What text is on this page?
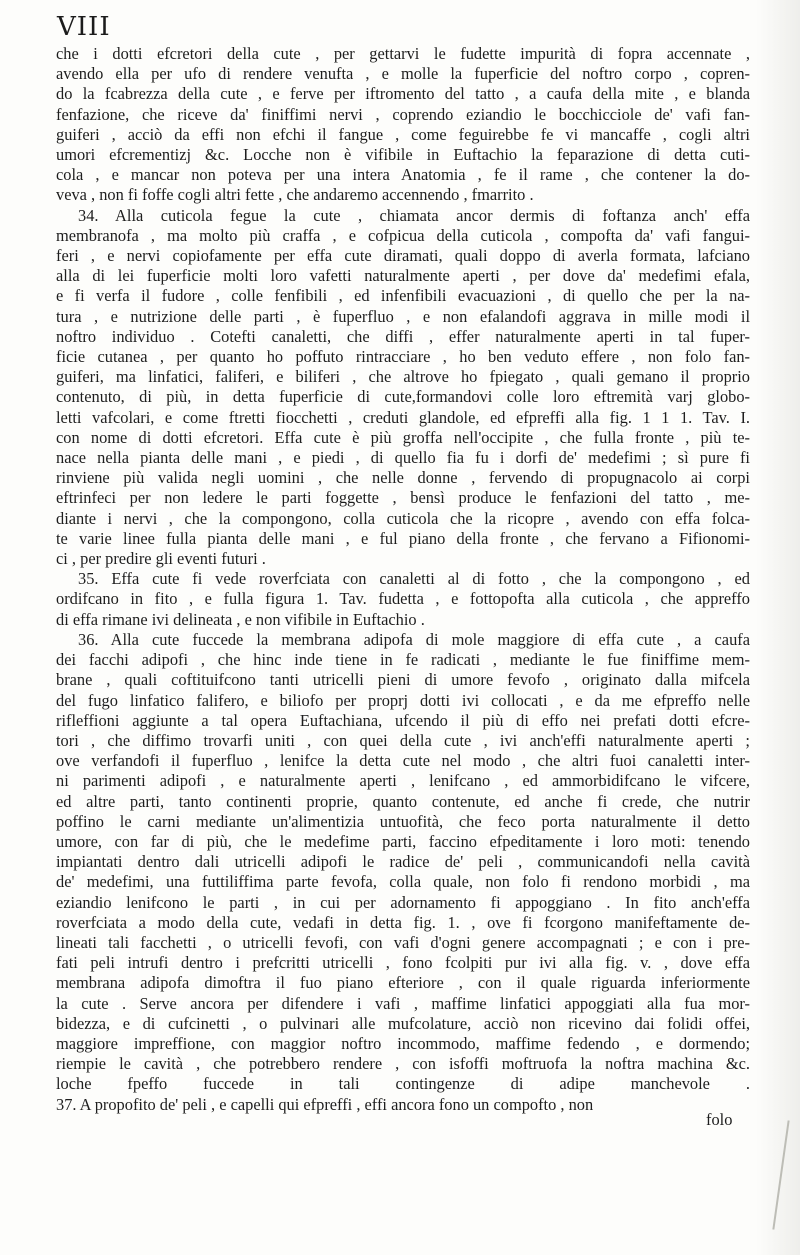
VIII
che i dotti efcretori della cute , per gettarvi le fudette impurità di fopra accennate ,
avendo ella per ufo di rendere venufta , e molle la fuperficie del noftro corpo , copren-
do la fcabrezza della cute , e ferve per iftromento del tatto , a caufa della mite , e blanda
fenfazione, che riceve da' finiffimi nervi , coprendo eziandio le bocchicciole de' vafi fan-
guiferi , acciò da effi non efchi il fangue , come feguirebbe fe vi mancaffe , cogli altri
umori efcrementizj &c. Locche non è vifibile in Euftachio la feparazione di detta cuti-
cola , e mancar non poteva per una intera Anatomia , fe il rame , che contener la do-
veva , non fi foffe cogli altri fette , che andaremo accennendo , fmarrito .
34. Alla cuticola fegue la cute , chiamata ancor dermis di foftanza anch' effa
membranofa , ma molto più craffa , e cofpicua della cuticola , compofta da' vafi fangui-
feri , e nervi copiofamente per effa cute diramati, quali doppo di averla formata, lafciano
alla di lei fuperficie molti loro vafetti naturalmente aperti , per dove da' medefimi efala,
e fi verfa il fudore , colle fenfibili , ed infenfibili evacuazioni , di quello che per la na-
tura , e nutrizione delle parti , è fuperfluo , e non efalandofi aggrava in mille modi il
noftro individuo . Cotefti canaletti, che diffi , effer naturalmente aperti in tal fuper-
ficie cutanea , per quanto ho poffuto rintracciare , ho ben veduto effere , non folo fan-
guiferi, ma linfatici, faliferi, e biliferi , che altrove ho fpiegato , quali gemano il proprio
contenuto, di più, in detta fuperficie di cute,formandovi colle loro eftremità varj globo-
letti vafcolari, e come ftretti fiocchetti , creduti glandole, ed efpreffi alla fig. 1 1 1. Tav. I.
con nome di dotti efcretori. Effa cute è più groffa nell'occipite , che fulla fronte , più te-
nace nella pianta delle mani , e piedi , di quello fia fu i dorfi de' medefimi ; sì pure fi
rinviene più valida negli uomini , che nelle donne , fervendo di propugnacolo ai corpi
eftrinfeci per non ledere le parti foggette , bensì produce le fenfazioni del tatto , me-
diante i nervi , che la compongono, colla cuticola che la ricopre , avendo con effa folca-
te varie linee fulla pianta delle mani , e ful piano della fronte , che fervano a Fifionomi-
ci , per predire gli eventi futuri .
35. Effa cute fi vede roverfciata con canaletti al di fotto , che la compongono , ed
ordifcano in fito , e fulla figura 1. Tav. fudetta , e fottopofta alla cuticola , che appreffo
di effa rimane ivi delineata , e non vifibile in Euftachio .
36. Alla cute fuccede la membrana adipofa di mole maggiore di effa cute , a caufa
dei facchi adipofi , che hinc inde tiene in fe radicati , mediante le fue finiffime mem-
brane , quali coftituifcono tanti utricelli pieni di umore fevofo , originato dalla mifcela
del fugo linfatico falifero, e biliofo per proprj dotti ivi collocati , e da me efpreffo nelle
rifleffioni aggiunte a tal opera Euftachiana, ufcendo il più di effo nei prefati dotti efcre-
tori , che diffimo trovarfi uniti , con quei della cute , ivi anch'effi naturalmente aperti ;
ove verfandofi il fuperfluo , lenifce la detta cute nel modo , che altri fuoi canaletti inter-
ni parimenti adipofi , e naturalmente aperti , lenifcano , ed ammorbidifcano le vifcere,
ed altre parti, tanto continenti proprie, quanto contenute, ed anche fi crede, che nutrir
poffino le carni mediante un'alimentizia untuofità, che feco porta naturalmente il detto
umore, con far di più, che le medefime parti, faccino efpeditamente i loro moti: tenendo
impiantati dentro dali utricelli adipofi le radice de' peli , communicandofi nella cavità
de' medefimi, una futtiliffima parte fevofa, colla quale, non folo fi rendono morbidi , ma
eziandio lenifcono le parti , in cui per adornamento fi appoggiano . In fito anch'effa
roverfciata a modo della cute, vedafi in detta fig. 1. , ove fi fcorgono manifeftamente de-
lineati tali facchetti , o utricelli fevofi, con vafi d'ogni genere accompagnati ; e con i pre-
fati peli intrufi dentro i prefcritti utricelli , fono fcolpiti pur ivi alla fig. v. , dove effa
membrana adipofa dimoftra il fuo piano efteriore , con il quale riguarda inferiormente
la cute . Serve ancora per difendere i vafi , maffime linfatici appoggiati alla fua mor-
bidezza, e di cufcinetti , o pulvinari alle mufcolature, acciò non ricevino dai folidi offei,
maggiore impreffione, con maggior noftro incommodo, maffime fedendo , e dormendo;
riempie le cavità , che potrebbero rendere , con isfoffi moftruofa la noftra machina &c.
loche fpeffo fuccede in tali contingenze di adipe manchevole .
37. A propofito de' peli , e capelli qui efpreffi , effi ancora fono un compofto , non
folo
